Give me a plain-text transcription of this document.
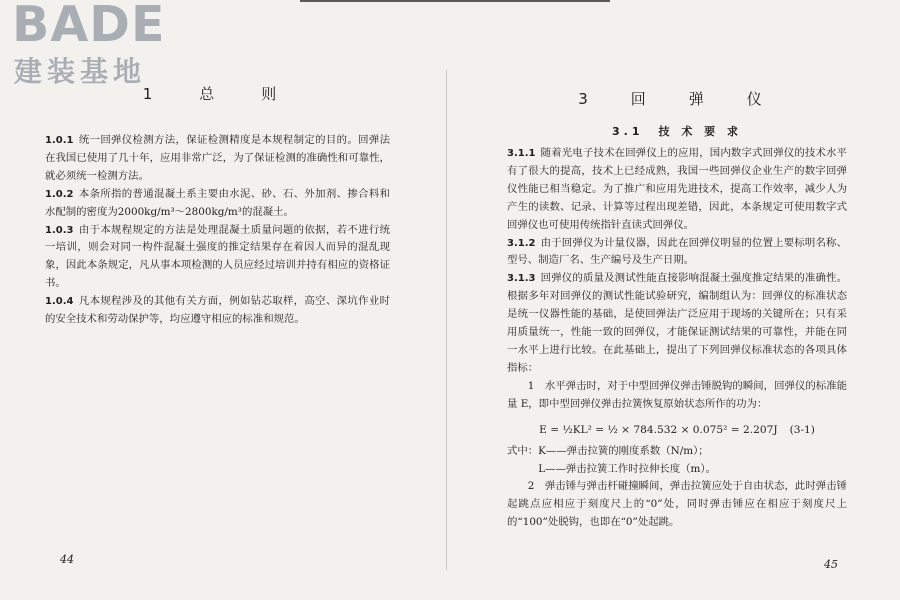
BADE
建装基地
1　总　则

1.0.1 统一回弹仪检测方法，保证检测精度是本规程制定的目的。回弹法在我国已使用了几十年，应用非常广泛，为了保证检测的准确性和可靠性，就必须统一检测方法。

1.0.2 本条所指的普通混凝土系主要由水泥、砂、石、外加剂、掺合料和水配制的密度为2000kg/m³～2800kg/m³的混凝土。

1.0.3 由于本规程规定的方法是处理混凝土质量问题的依据，若不进行统一培训，则会对同一构件混凝土强度的推定结果存在着因人而异的混乱现象，因此本条规定，凡从事本项检测的人员应经过培训并持有相应的资格证书。

1.0.4 凡本规程涉及的其他有关方面，例如钻芯取样，高空、深坑作业时的安全技术和劳动保护等，均应遵守相应的标准和规范。

3　回　弹　仪
3.1　技 术 要 求

3.1.1 随着光电子技术在回弹仪上的应用，国内数字式回弹仪的技术水平有了很大的提高，技术上已经成熟，我国一些回弹仪企业生产的数字回弹仪性能已相当稳定。为了推广和应用先进技术，提高工作效率，减少人为产生的读数、记录、计算等过程出现差错，因此，本条规定可使用数字式回弹仪也可使用传统指针直读式回弹仪。

3.1.2 由于回弹仪为计量仪器，因此在回弹仪明显的位置上要标明名称、型号、制造厂名、生产编号及生产日期。

3.1.3 回弹仪的质量及测试性能直接影响混凝土强度推定结果的准确性。根据多年对回弹仪的测试性能试验研究，编制组认为：回弹仪的标准状态是统一仪器性能的基础，是使回弹法广泛应用于现场的关键所在；只有采用质量统一，性能一致的回弹仪，才能保证测试结果的可靠性，并能在同一水平上进行比较。在此基础上，提出了下列回弹仪标准状态的各项具体指标：

1　水平弹击时，对于中型回弹仪弹击锤脱钩的瞬间，回弹仪的标准能量 E，即中型回弹仪弹击拉簧恢复原始状态所作的功为：

E = ½KL² = ½ × 784.532 × 0.075² = 2.207J (3-1)

式中：K——弹击拉簧的刚度系数（N/m）；

L——弹击拉簧工作时拉伸长度（m）。

2　弹击锤与弹击杆碰撞瞬间，弹击拉簧应处于自由状态，此时弹击锤起跳点应相应于刻度尺上的“0”处，同时弹击锤应在相应于刻度尺上的“100”处脱钩，也即在“0”处起跳。

44	45
